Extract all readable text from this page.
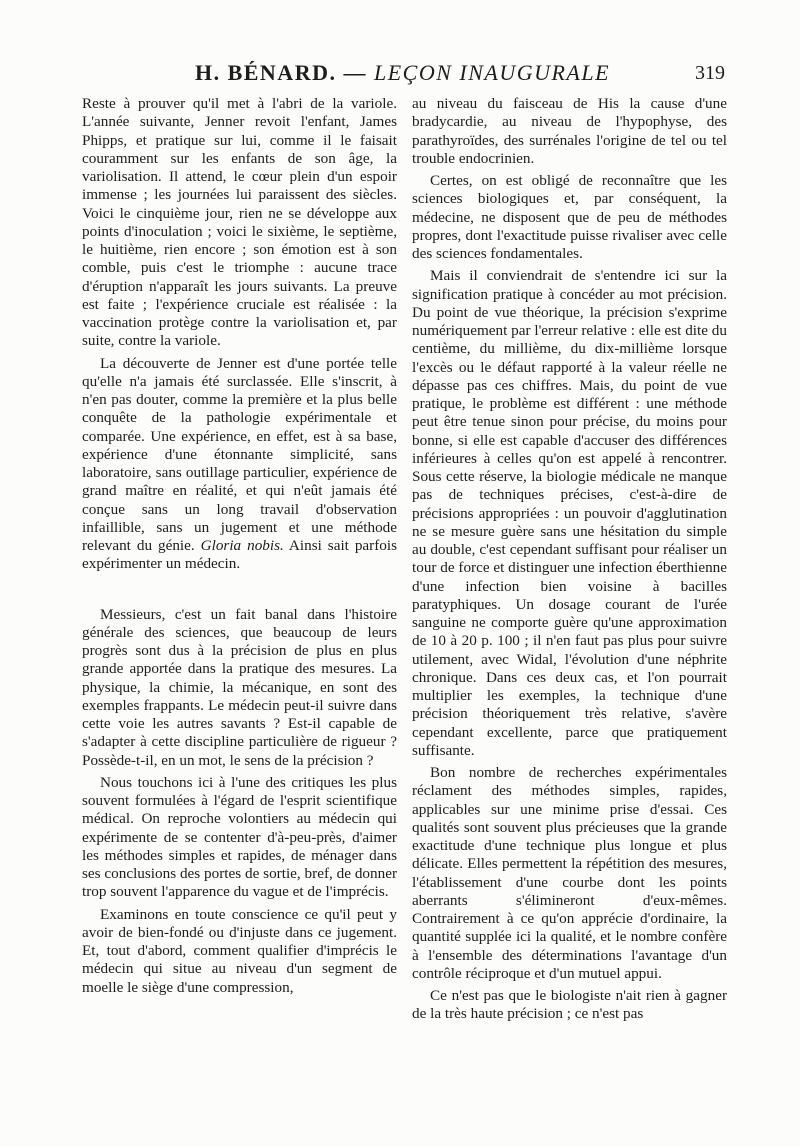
H. BÉNARD. — LEÇON INAUGURALE	319

Reste à prouver qu'il met à l'abri de la variole. L'année suivante, Jenner revoit l'enfant, James Phipps, et pratique sur lui, comme il le faisait couramment sur les enfants de son âge, la variolisation. Il attend, le cœur plein d'un espoir immense ; les journées lui paraissent des siècles. Voici le cinquième jour, rien ne se développe aux points d'inoculation ; voici le sixième, le septième, le huitième, rien encore ; son émotion est à son comble, puis c'est le triomphe : aucune trace d'éruption n'apparaît les jours suivants. La preuve est faite ; l'expérience cruciale est réalisée : la vaccination protège contre la variolisation et, par suite, contre la variole.

La découverte de Jenner est d'une portée telle qu'elle n'a jamais été surclassée. Elle s'inscrit, à n'en pas douter, comme la première et la plus belle conquête de la pathologie expérimentale et comparée. Une expérience, en effet, est à sa base, expérience d'une étonnante simplicité, sans laboratoire, sans outillage particulier, expérience de grand maître en réalité, et qui n'eût jamais été conçue sans un long travail d'observation infaillible, sans un jugement et une méthode relevant du génie. Gloria nobis. Ainsi sait parfois expérimenter un médecin.

Messieurs, c'est un fait banal dans l'histoire générale des sciences, que beaucoup de leurs progrès sont dus à la précision de plus en plus grande apportée dans la pratique des mesures. La physique, la chimie, la mécanique, en sont des exemples frappants. Le médecin peut-il suivre dans cette voie les autres savants ? Est-il capable de s'adapter à cette discipline particulière de rigueur ? Possède-t-il, en un mot, le sens de la précision ?

Nous touchons ici à l'une des critiques les plus souvent formulées à l'égard de l'esprit scientifique médical. On reproche volontiers au médecin qui expérimente de se contenter d'à-peu-près, d'aimer les méthodes simples et rapides, de ménager dans ses conclusions des portes de sortie, bref, de donner trop souvent l'apparence du vague et de l'imprécis.

Examinons en toute conscience ce qu'il peut y avoir de bien-fondé ou d'injuste dans ce jugement. Et, tout d'abord, comment qualifier d'imprécis le médecin qui situe au niveau d'un segment de moelle le siège d'une compression,

au niveau du faisceau de His la cause d'une bradycardie, au niveau de l'hypophyse, des parathyroïdes, des surrénales l'origine de tel ou tel trouble endocrinien.

Certes, on est obligé de reconnaître que les sciences biologiques et, par conséquent, la médecine, ne disposent que de peu de méthodes propres, dont l'exactitude puisse rivaliser avec celle des sciences fondamentales.

Mais il conviendrait de s'entendre ici sur la signification pratique à concéder au mot précision. Du point de vue théorique, la précision s'exprime numériquement par l'erreur relative : elle est dite du centième, du millième, du dix-millième lorsque l'excès ou le défaut rapporté à la valeur réelle ne dépasse pas ces chiffres. Mais, du point de vue pratique, le problème est différent : une méthode peut être tenue sinon pour précise, du moins pour bonne, si elle est capable d'accuser des différences inférieures à celles qu'on est appelé à rencontrer. Sous cette réserve, la biologie médicale ne manque pas de techniques précises, c'est-à-dire de précisions appropriées : un pouvoir d'agglutination ne se mesure guère sans une hésitation du simple au double, c'est cependant suffisant pour réaliser un tour de force et distinguer une infection éberthienne d'une infection bien voisine à bacilles paratyphiques. Un dosage courant de l'urée sanguine ne comporte guère qu'une approximation de 10 à 20 p. 100 ; il n'en faut pas plus pour suivre utilement, avec Widal, l'évolution d'une néphrite chronique. Dans ces deux cas, et l'on pourrait multiplier les exemples, la technique d'une précision théoriquement très relative, s'avère cependant excellente, parce que pratiquement suffisante.

Bon nombre de recherches expérimentales réclament des méthodes simples, rapides, applicables sur une minime prise d'essai. Ces qualités sont souvent plus précieuses que la grande exactitude d'une technique plus longue et plus délicate. Elles permettent la répétition des mesures, l'établissement d'une courbe dont les points aberrants s'élimineront d'eux-mêmes. Contrairement à ce qu'on apprécie d'ordinaire, la quantité supplée ici la qualité, et le nombre confère à l'ensemble des déterminations l'avantage d'un contrôle réciproque et d'un mutuel appui.

Ce n'est pas que le biologiste n'ait rien à gagner de la très haute précision ; ce n'est pas
